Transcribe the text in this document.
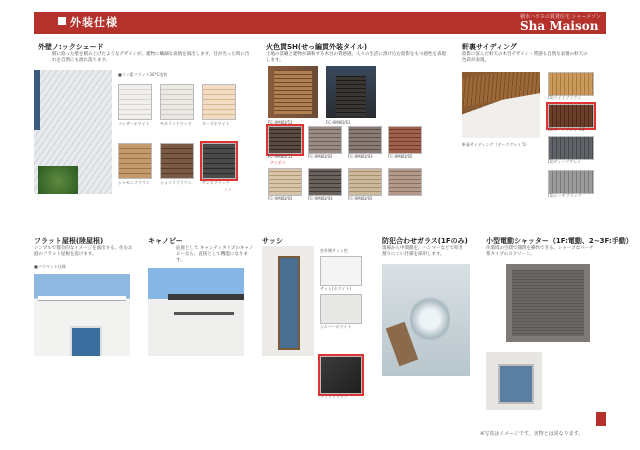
外装仕様	積水ハウスの賃貸住宅 シャーメゾン
Sha Maison
外壁ノ:ックシェード
側に陰った壁を積み上げたようなデザインが、建物に繊細な表情を演出します。目が光った時に汚れを自然にも流れ落ちます。
■フッ素フラット30°C塗装
フェザーホワイト	モカライトウッド	ローズホワイト
シャモニブラウン	ショコラブラウン	サンズブラック
ノノ
火色貫SH(せっ編貫外装タイル)
土地の景観と建物が調和する木目の質感感。人々の生活に溶け込む陰影をもつ感性を表現します。
FC-9M8D/51	FC-9M8D/61
FC-9M8D/51	FC-9M8D/92	FC-9M8D/93	FC-9M8D/95
アイボリ
FC-9M8D/92	FC-9M8D/93	FC-9M8D/95
軒裏サイディング
陰影に富んだ軒天の木目デザイン・質感も自然な表情の軒天の色彩が表現。
軒裏サイディング（ダークグレイ 5）
(5)ライトブラウン
(5)ダークグレイ ※1
(5)ディープグレイ
(5)シーチブラック
フラット屋根(陸屋根)
シンプルで都会的なイメージを演出する。住むお庭のフラット屋根を設けます。
■パラペット仕様
キャノピー
庇庭として キャンティタイプのキャノピーなら、直接として機能になります。
サッシ
室外側サッシ色
サッシ(ホワイト)
シルバーホワイト
ソフトブラック
防犯合わせガラス(1Fのみ)
現場から中間膜を、ハンマーなどで叩き割りにくい仕様を採用します。
小型電動シャッター（1F:電動、2~3F:手動）
住環境の空間で開閉を操作できる、シャープなパーチ系タイプのスクリーン。
※写真はイメージです。実物とは異なります。
